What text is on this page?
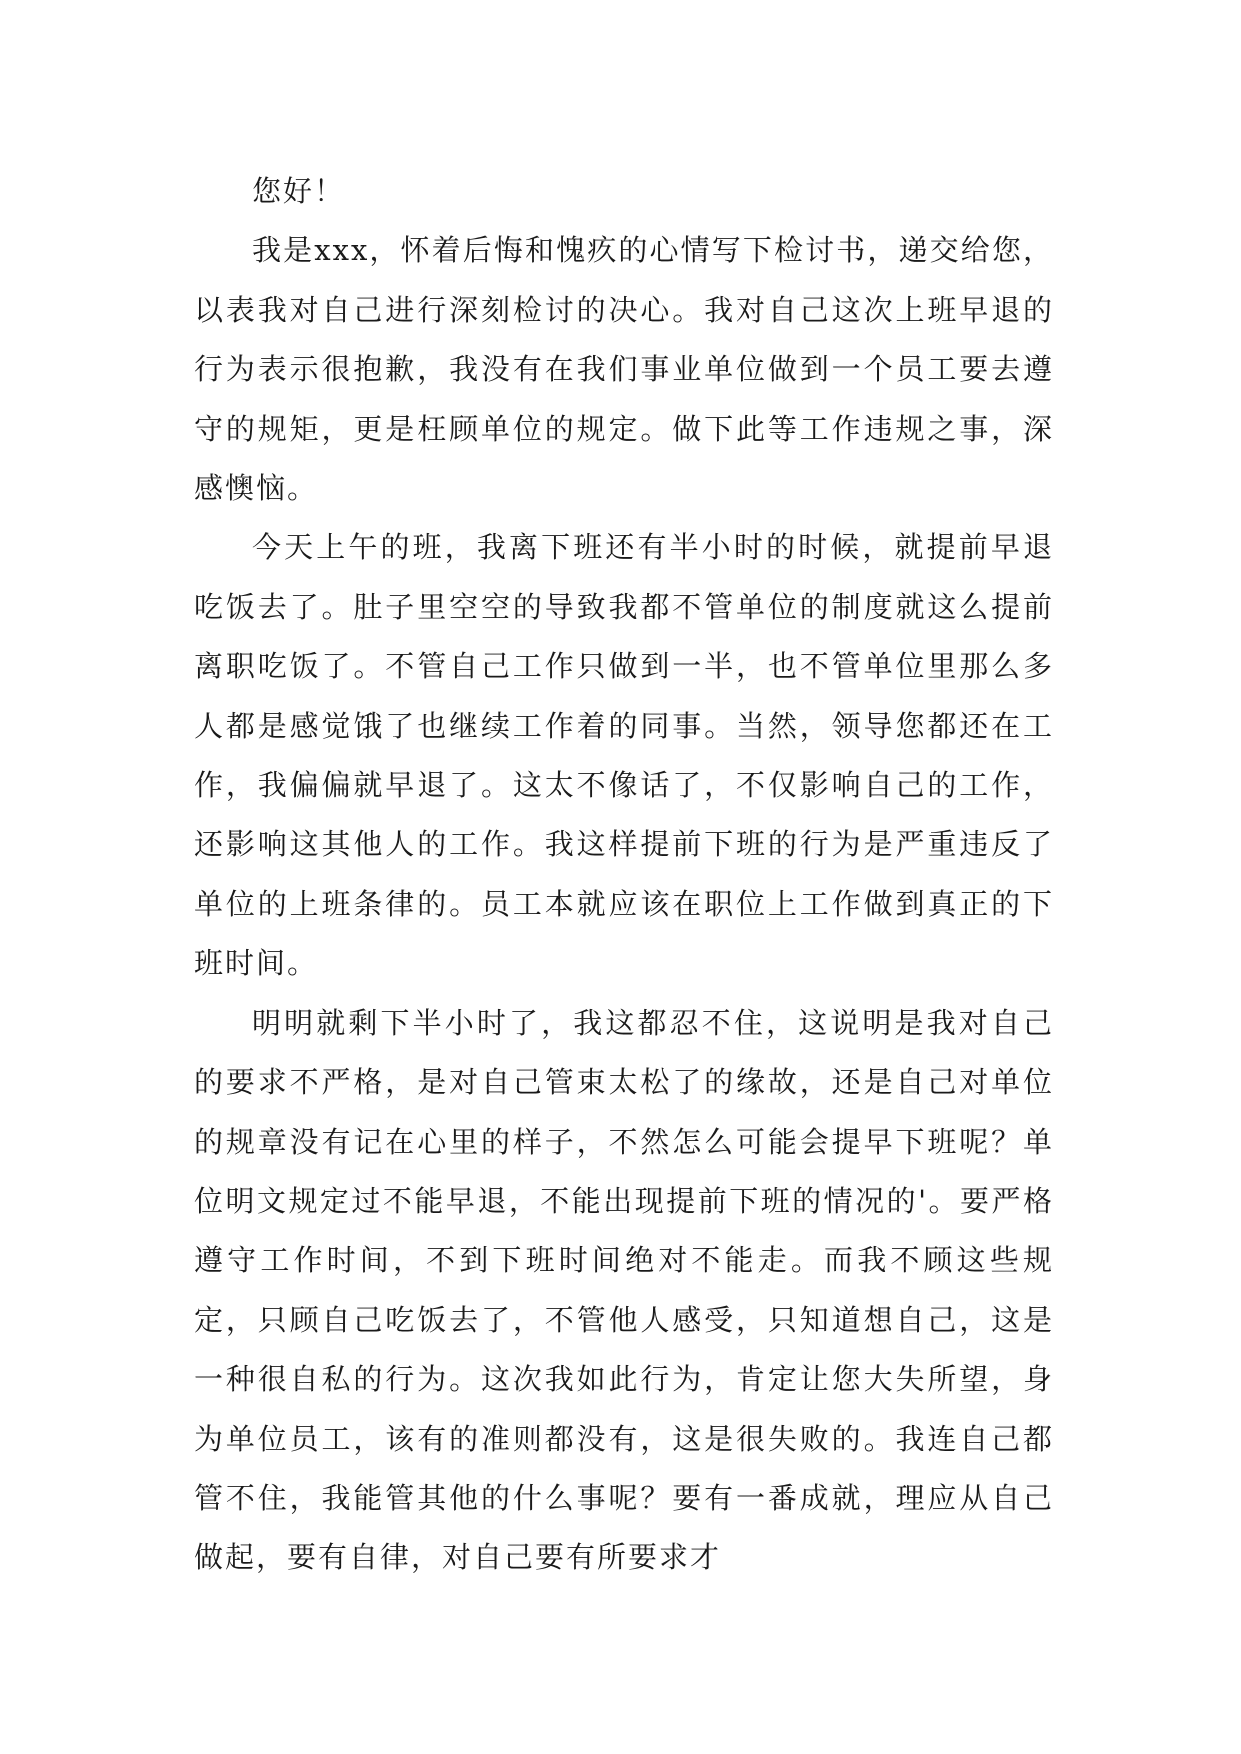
您好！

我是xxx，怀着后悔和愧疚的心情写下检讨书，递交给您，以表我对自己进行深刻检讨的决心。我对自己这次上班早退的行为表示很抱歉，我没有在我们事业单位做到一个员工要去遵守的规矩，更是枉顾单位的规定。做下此等工作违规之事，深感懊恼。

今天上午的班，我离下班还有半小时的时候，就提前早退吃饭去了。肚子里空空的导致我都不管单位的制度就这么提前离职吃饭了。不管自己工作只做到一半，也不管单位里那么多人都是感觉饿了也继续工作着的同事。当然，领导您都还在工作，我偏偏就早退了。这太不像话了，不仅影响自己的工作，还影响这其他人的工作。我这样提前下班的行为是严重违反了单位的上班条律的。员工本就应该在职位上工作做到真正的下班时间。

明明就剩下半小时了，我这都忍不住，这说明是我对自己的要求不严格，是对自己管束太松了的缘故，还是自己对单位的规章没有记在心里的样子，不然怎么可能会提早下班呢？单位明文规定过不能早退，不能出现提前下班的情况的'。要严格遵守工作时间，不到下班时间绝对不能走。而我不顾这些规定，只顾自己吃饭去了，不管他人感受，只知道想自己，这是一种很自私的行为。这次我如此行为，肯定让您大失所望，身为单位员工，该有的准则都没有，这是很失败的。我连自己都管不住，我能管其他的什么事呢？要有一番成就，理应从自己做起，要有自律，对自己要有所要求才
